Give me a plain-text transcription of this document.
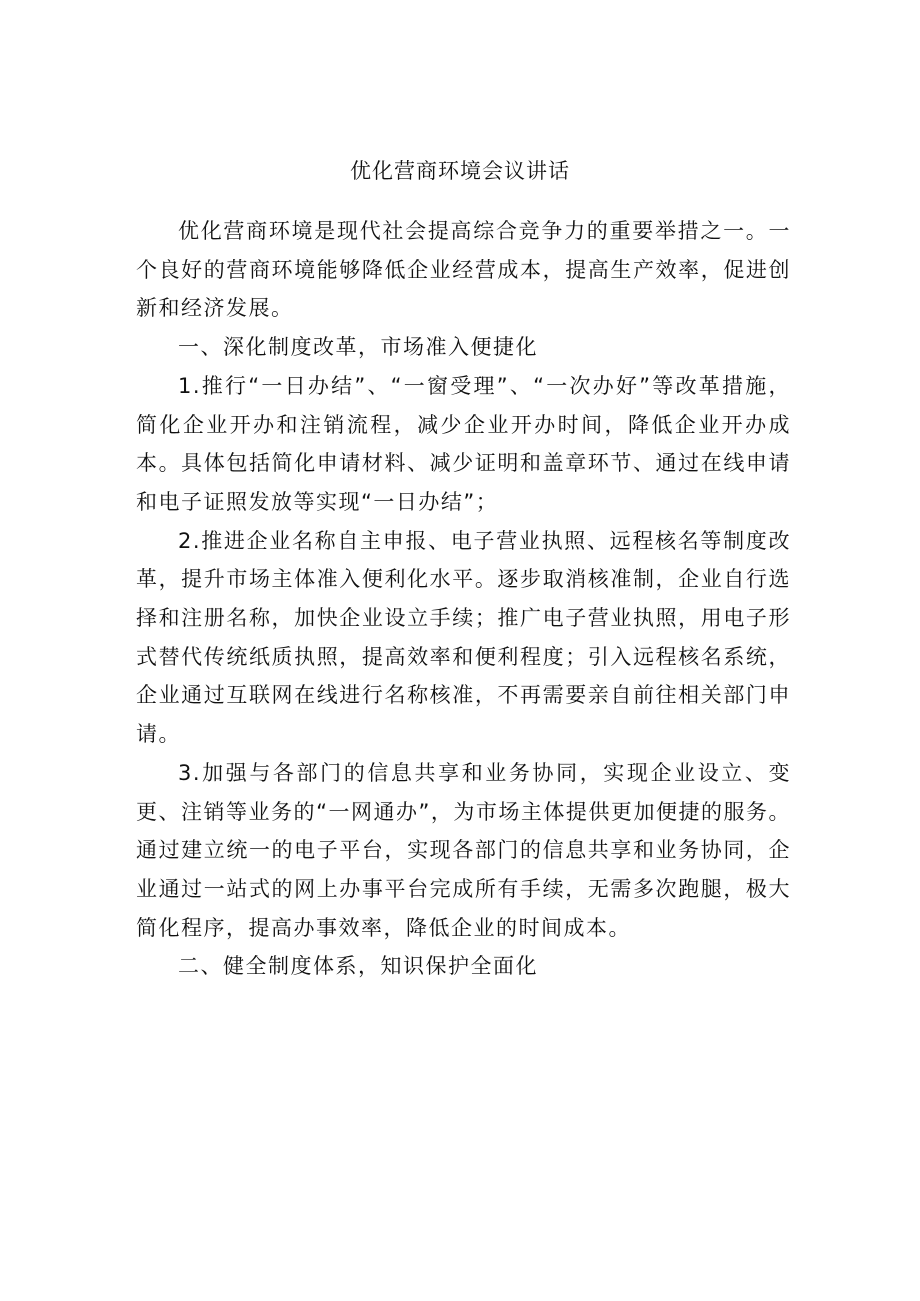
优化营商环境会议讲话

优化营商环境是现代社会提高综合竞争力的重要举措之一。一个良好的营商环境能够降低企业经营成本，提高生产效率，促进创新和经济发展。

一、深化制度改革，市场准入便捷化

1.推行“一日办结”、“一窗受理”、“一次办好”等改革措施，简化企业开办和注销流程，减少企业开办时间，降低企业开办成本。具体包括简化申请材料、减少证明和盖章环节、通过在线申请和电子证照发放等实现“一日办结”；

2.推进企业名称自主申报、电子营业执照、远程核名等制度改革，提升市场主体准入便利化水平。逐步取消核准制，企业自行选择和注册名称，加快企业设立手续；推广电子营业执照，用电子形式替代传统纸质执照，提高效率和便利程度；引入远程核名系统，企业通过互联网在线进行名称核准，不再需要亲自前往相关部门申请。

3.加强与各部门的信息共享和业务协同，实现企业设立、变更、注销等业务的“一网通办”，为市场主体提供更加便捷的服务。通过建立统一的电子平台，实现各部门的信息共享和业务协同，企业通过一站式的网上办事平台完成所有手续，无需多次跑腿，极大简化程序，提高办事效率，降低企业的时间成本。

二、健全制度体系，知识保护全面化
